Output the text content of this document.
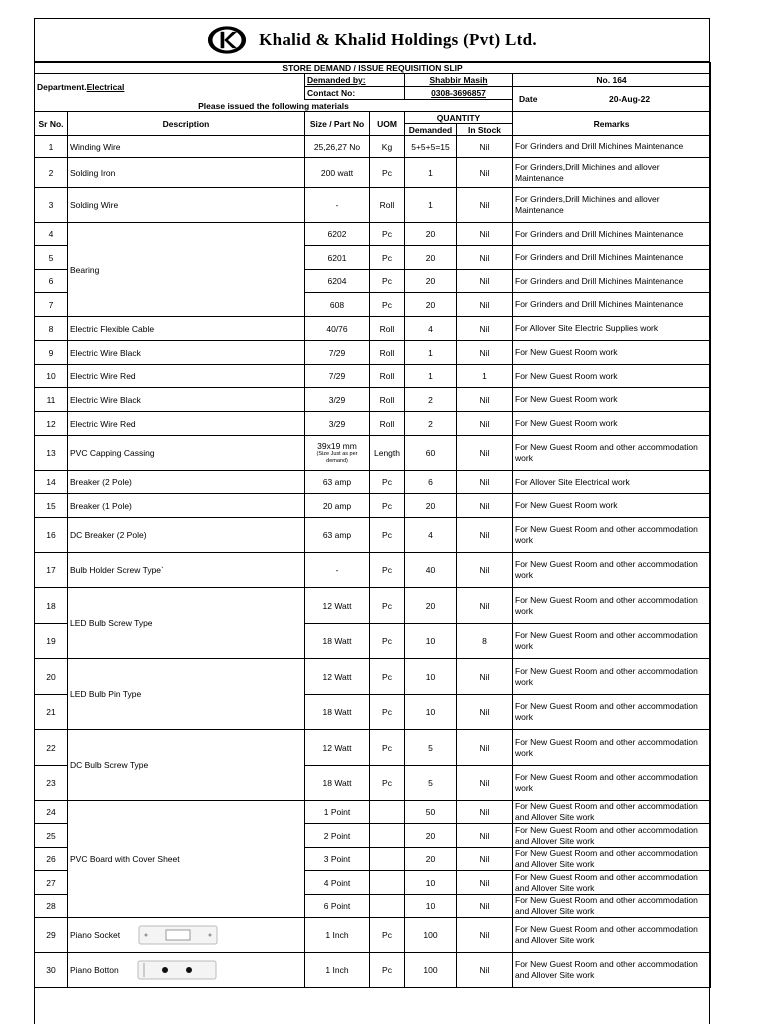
Khalid & Khalid Holdings (Pvt) Ltd.
STORE DEMAND / ISSUE REQUISITION SLIP						
Department.Electrical		Demanded by:		Shabbir Masih		No. 164
		Contact No:		0308-3696857		Date 20-Aug-22

Please issued the following materials						
Sr No.	Description	Size / Part No	UOM	QUANTITY		Remarks
				Demanded	In Stock	
1	Winding Wire	25,26,27 No	Kg	5+5+5=15	Nil	For Grinders and Drill Michines Maintenance
2	Solding Iron	200 watt	Pc	1	Nil	For Grinders,Drill Michines and allover Maintenance
3	Solding Wire	-	Roll	1	Nil	For Grinders,Drill Michines and allover Maintenance
4	Bearing	6202	Pc	20	Nil	For Grinders and Drill Michines Maintenance
5		6201	Pc	20	Nil	For Grinders and Drill Michines Maintenance
6		6204	Pc	20	Nil	For Grinders and Drill Michines Maintenance
7		608	Pc	20	Nil	For Grinders and Drill Michines Maintenance
8	Electric Flexible Cable	40/76	Roll	4	Nil	For Allover Site Electric Supplies work
9	Electric Wire Black	7/29	Roll	1	Nil	For New Guest Room work
10	Electric Wire Red	7/29	Roll	1	1	For New Guest Room work
11	Electric Wire Black	3/29	Roll	2	Nil	For New Guest Room work
12	Electric Wire Red	3/29	Roll	2	Nil	For New Guest Room work
13	PVC Capping Cassing	39x19 mm
(Size Just as per demand)	Length	60	Nil	For New Guest Room and other accommodation work
14	Breaker (2 Pole)	63 amp	Pc	6	Nil	For Allover Site Electrical work
15	Breaker (1 Pole)	20 amp	Pc	20	Nil	For New Guest Room work
16	DC Breaker (2 Pole)	63 amp	Pc	4	Nil	For New Guest Room and other accommodation work
17	Bulb Holder Screw Type`	-	Pc	40	Nil	For New Guest Room and other accommodation work
18	LED Bulb Screw Type	12 Watt	Pc	20	Nil	For New Guest Room and other accommodation work
19		18 Watt	Pc	10	8	For New Guest Room and other accommodation work
20	LED Bulb Pin Type	12 Watt	Pc	10	Nil	For New Guest Room and other accommodation work
21		18 Watt	Pc	10	Nil	For New Guest Room and other accommodation work
22	DC Bulb Screw Type	12 Watt	Pc	5	Nil	For New Guest Room and other accommodation work
23		18 Watt	Pc	5	Nil	For New Guest Room and other accommodation work
24	PVC Board with Cover Sheet	1 Point		50	Nil	For New Guest Room and other accommodation and Allover Site work
25		2 Point		20	Nil	For New Guest Room and other accommodation and Allover Site work
26		3 Point		20	Nil	For New Guest Room and other accommodation and Allover Site work
27		4 Point		10	Nil	For New Guest Room and other accommodation and Allover Site work
28		6 Point		10	Nil	For New Guest Room and other accommodation and Allover Site work
29	Piano Socket	1 Inch	Pc	100	Nil	For New Guest Room and other accommodation and Allover Site work
30	Piano Botton	1 Inch	Pc	100	Nil	For New Guest Room and other accommodation and Allover Site work
